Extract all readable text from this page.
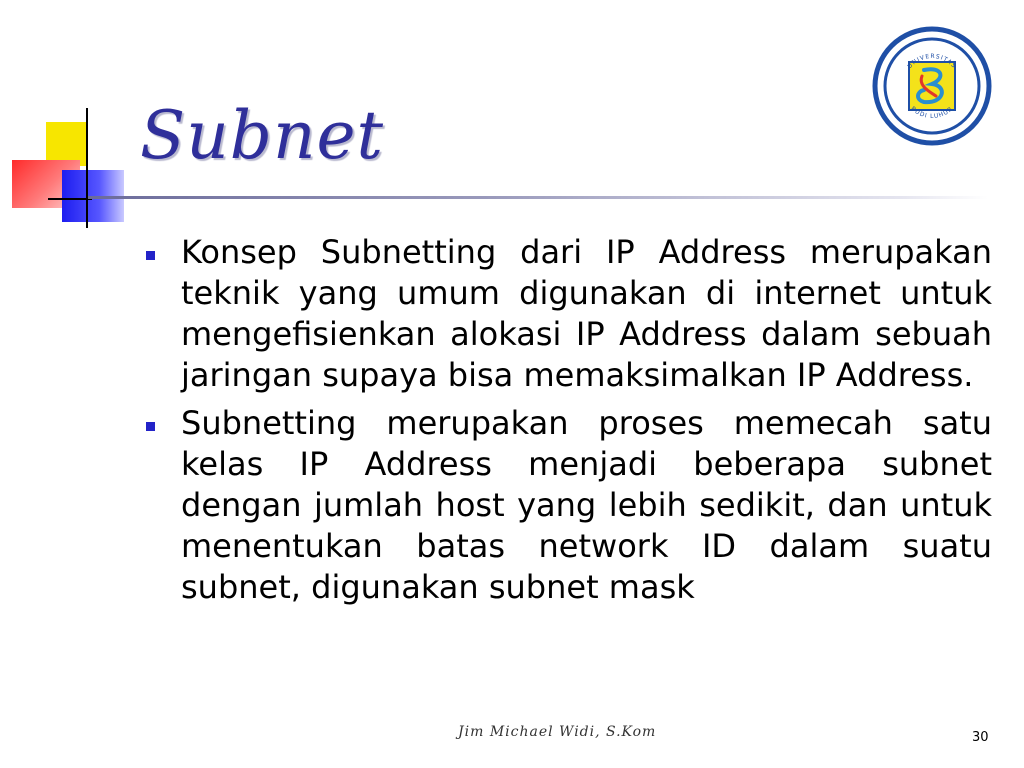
Subnet
UNIVERSITAS
BUDI LUHUR
Konsep Subnetting dari IP Address merupakan teknik yang umum digunakan di internet untuk mengefisienkan alokasi IP Address dalam sebuah jaringan supaya bisa memaksimalkan IP Address.
Subnetting merupakan proses memecah satu kelas IP Address menjadi beberapa subnet dengan jumlah host yang lebih sedikit, dan untuk menentukan batas network ID dalam suatu subnet, digunakan subnet mask
Jim Michael Widi, S.Kom	30
